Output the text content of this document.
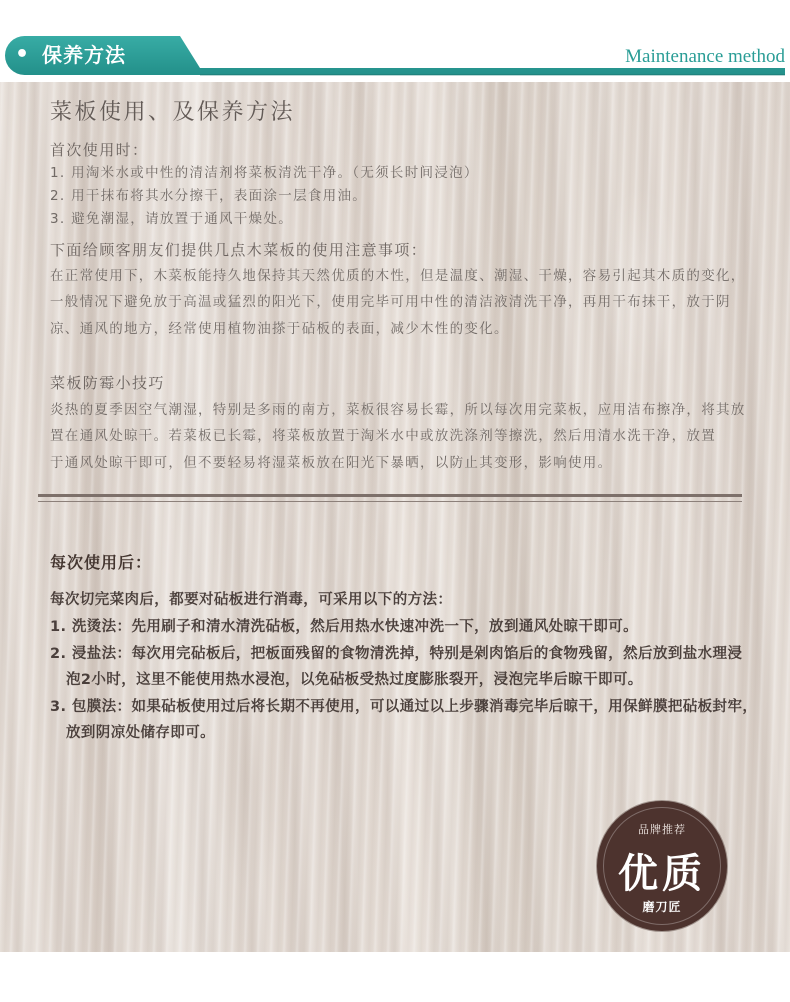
• 保养方法	Maintenance method
菜板使用、及保养方法
首次使用时：
1. 用淘米水或中性的清洁剂将菜板清洗干净。（无须长时间浸泡）
2. 用干抹布将其水分擦干，表面涂一层食用油。
3. 避免潮湿，请放置于通风干燥处。
下面给顾客朋友们提供几点木菜板的使用注意事项：
在正常使用下，木菜板能持久地保持其天然优质的木性，但是温度、潮湿、干燥，容易引起其木质的变化，
一般情况下避免放于高温或猛烈的阳光下，使用完毕可用中性的清洁液清洗干净，再用干布抹干，放于阴
凉、通风的地方，经常使用植物油搽于砧板的表面，减少木性的变化。
菜板防霉小技巧
炎热的夏季因空气潮湿，特别是多雨的南方，菜板很容易长霉，所以每次用完菜板，应用洁布擦净，将其放
置在通风处晾干。若菜板已长霉，将菜板放置于淘米水中或放洗涤剂等擦洗，然后用清水洗干净，放置
于通风处晾干即可，但不要轻易将湿菜板放在阳光下暴晒，以防止其变形，影响使用。
每次使用后：
每次切完菜肉后，都要对砧板进行消毒，可采用以下的方法：
1. 洗烫法：先用刷子和清水清洗砧板，然后用热水快速冲洗一下，放到通风处晾干即可。
2. 浸盐法：每次用完砧板后，把板面残留的食物清洗掉，特别是剁肉馅后的食物残留，然后放到盐水理浸
泡2小时，这里不能使用热水浸泡，以免砧板受热过度膨胀裂开，浸泡完毕后晾干即可。
3. 包膜法：如果砧板使用过后将长期不再使用，可以通过以上步骤消毒完毕后晾干，用保鲜膜把砧板封牢，
放到阴凉处储存即可。
品牌推荐
优质
磨刀匠
